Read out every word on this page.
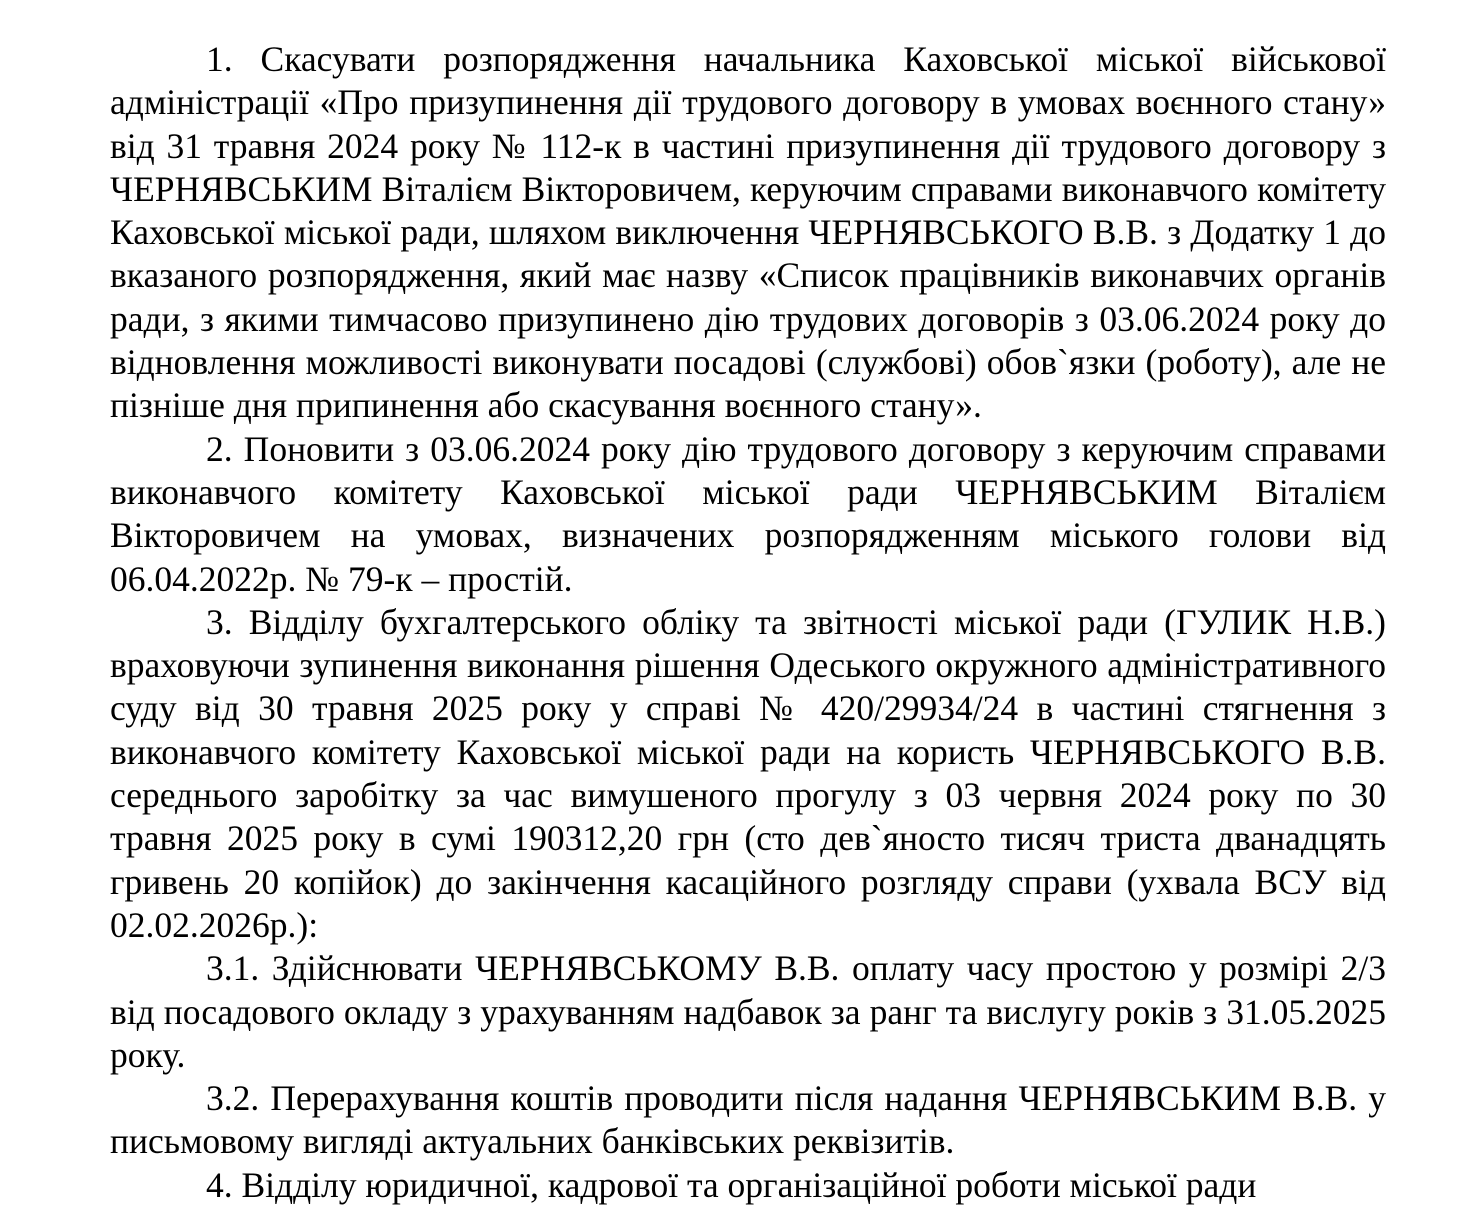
1. Скасувати розпорядження начальника Каховської міської військової адміністрації «Про призупинення дії трудового договору в умовах воєнного стану» від 31 травня 2024 року № 112-к в частині призупинення дії трудового договору з ЧЕРНЯВСЬКИМ Віталієм Вікторовичем, керуючим справами виконавчого комітету Каховської міської ради, шляхом виключення ЧЕРНЯВСЬКОГО В.В. з Додатку 1 до вказаного розпорядження, який має назву «Список працівників виконавчих органів ради, з якими тимчасово призупинено дію трудових договорів з 03.06.2024 року до відновлення можливості виконувати посадові (службові) обов`язки (роботу), але не пізніше дня припинення або скасування воєнного стану».

2. Поновити з 03.06.2024 року дію трудового договору з керуючим справами виконавчого комітету Каховської міської ради ЧЕРНЯВСЬКИМ Віталієм Вікторовичем на умовах, визначених розпорядженням міського голови від 06.04.2022р. № 79-к – простій.

3. Відділу бухгалтерського обліку та звітності міської ради (ГУЛИК Н.В.) враховуючи зупинення виконання рішення Одеського окружного адміністративного суду від 30 травня 2025 року у справі № 420/29934/24 в частині стягнення з виконавчого комітету Каховської міської ради на користь ЧЕРНЯВСЬКОГО В.В. середнього заробітку за час вимушеного прогулу з 03 червня 2024 року по 30 травня 2025 року в сумі 190312,20 грн (сто дев`яносто тисяч триста дванадцять гривень 20 копійок) до закінчення касаційного розгляду справи (ухвала ВСУ від 02.02.2026р.):

3.1. Здійснювати ЧЕРНЯВСЬКОМУ В.В. оплату часу простою у розмірі 2/3 від посадового окладу з урахуванням надбавок за ранг та вислугу років з 31.05.2025 року.

3.2. Перерахування коштів проводити після надання ЧЕРНЯВСЬКИМ В.В. у письмовому вигляді актуальних банківських реквізитів.

4. Відділу юридичної, кадрової та організаційної роботи міської ради
